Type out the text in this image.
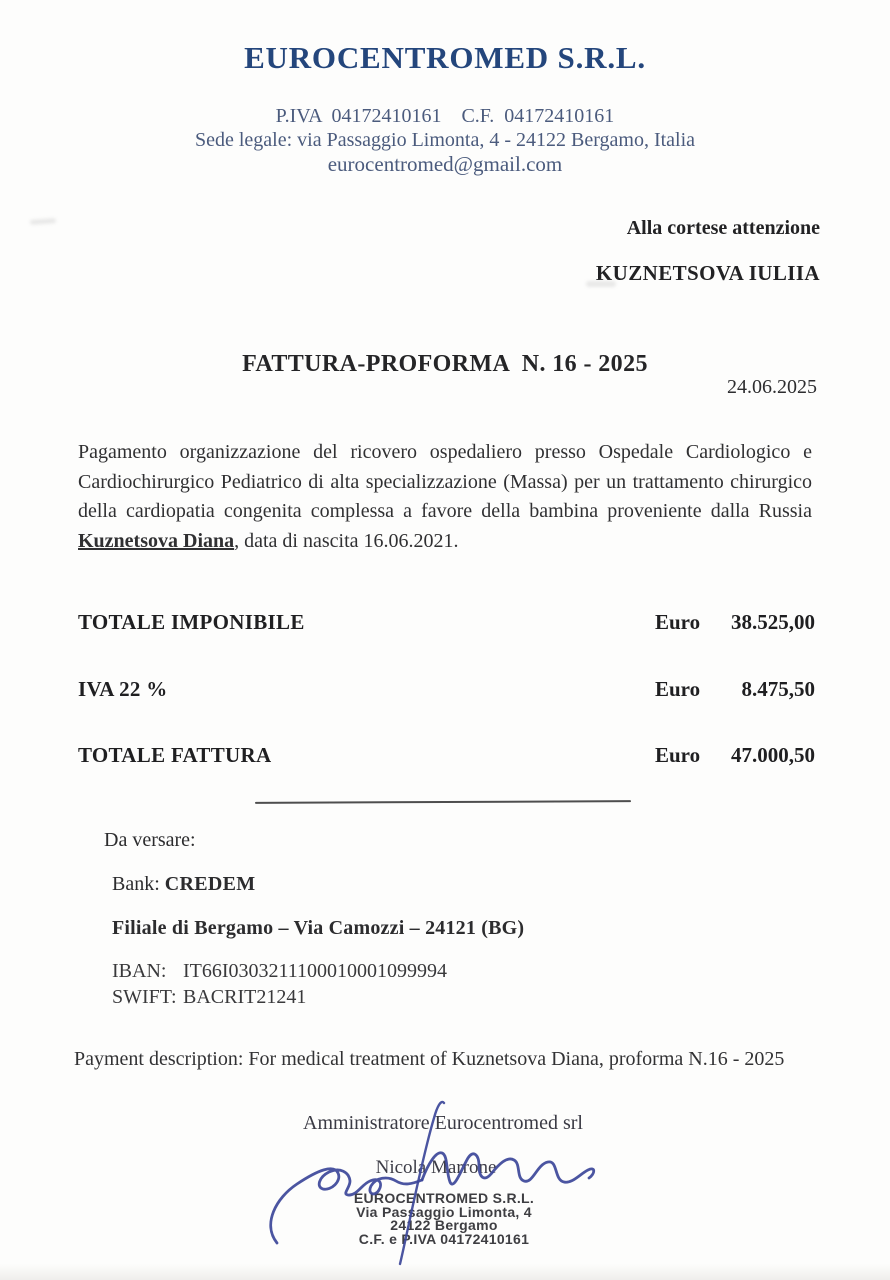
EUROCENTROMED S.R.L.
P.IVA  04172410161    C.F.  04172410161
Sede legale: via Passaggio Limonta, 4 - 24122 Bergamo, Italia
eurocentromed@gmail.com
Alla cortese attenzione
KUZNETSOVA IULIIA
FATTURA-PROFORMA  N. 16 - 2025
24.06.2025
Pagamento organizzazione del ricovero ospedaliero presso Ospedale Cardiologico e Cardiochirurgico Pediatrico di alta specializzazione (Massa) per un trattamento chirurgico della cardiopatia congenita complessa a favore della bambina proveniente dalla Russia Kuznetsova Diana, data di nascita 16.06.2021.
TOTALE IMPONIBILE	Euro	38.525,00
IVA 22 %	Euro	8.475,50
TOTALE FATTURA	Euro	47.000,50
Da versare:
Bank: CREDEM
Filiale di Bergamo – Via Camozzi – 24121 (BG)
IBAN: IT66I0303211100010001099994
SWIFT: BACRIT21241
Payment description: For medical treatment of Kuznetsova Diana, proforma N.16 - 2025
Amministratore Eurocentromed srl
Nicola Marrone
EUROCENTROMED S.R.L.
Via Passaggio Limonta, 4
24122 Bergamo
C.F. e P.IVA 04172410161
